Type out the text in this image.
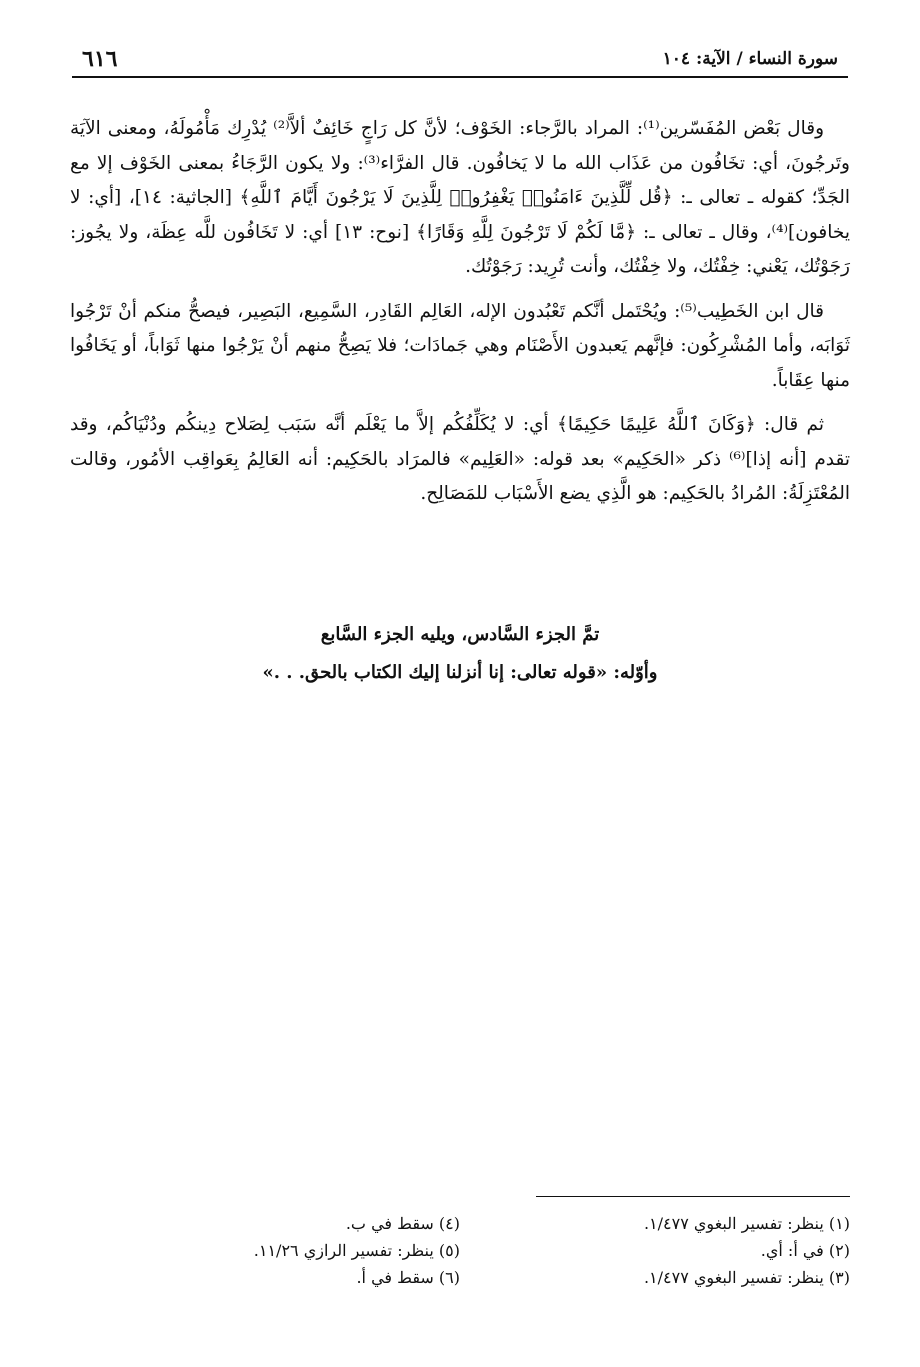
سورة النساء / الآية: ١٠٤
٦١٦

وقال بَعْض المُفَسّرين⁽¹⁾: المراد بالرَّجاء: الخَوْف؛ لأنَّ كل رَاجٍ خَائِفٌ ألاَّ⁽²⁾ يُدْرِك مَأْمُولَهُ، ومعنى الآيَة وتَرجُونَ، أي: تخَافُون من عَذَاب الله ما لا يَخافُون. قال الفرَّاء⁽³⁾: ولا يكون الرَّجَاءُ بمعنى الخَوْف إلا مع الجَدِّ؛ كقوله ـ تعالى ـ: ﴿قُل لِّلَّذِينَ ءَامَنُوا۟ يَغْفِرُوا۟ لِلَّذِينَ لَا يَرْجُونَ أَيَّامَ ٱللَّهِ﴾ [الجاثية: ١٤]، [أي: لا يخافون]⁽⁴⁾، وقال ـ تعالى ـ: ﴿مَّا لَكُمْ لَا تَرْجُونَ لِلَّهِ وَقَارًا﴾ [نوح: ١٣] أي: لا تَخَافُون للَّه عِظَة، ولا يجُوز: رَجَوْتُك، يَعْني: خِفْتُك، ولا خِفْتُك، وأنت تُرِيد: رَجَوْتُك.

قال ابن الخَطِيب⁽⁵⁾: ويُحْتَمل أنَّكم تَعْبُدون الإله، العَالِم القَادِر، السَّمِيع، البَصِير، فيصحُّ منكم أنْ تَرْجُوا ثَوَابَه، وأما المُشْرِكُون: فإنَّهم يَعبدون الأَصْنَام وهي جَمادَات؛ فلا يَصِحُّ منهم أنْ يَرْجُوا منها ثَوَاباً، أو يَخَافُوا منها عِقَاباً.

ثم قال: ﴿وَكَانَ ٱللَّهُ عَلِيمًا حَكِيمًا﴾ أي: لا يُكَلِّفُكُم إلاَّ ما يَعْلَم أنَّه سَبَب لِصَلاح دِينكُم ودُنْيَاكُم، وقد تقدم [أنه إذا]⁽⁶⁾ ذكر «الحَكِيم» بعد قوله: «العَلِيم» فالمرَاد بالحَكِيم: أنه العَالِمُ بِعَواقِب الأمُور، وقالت المُعْتَزِلَةُ: المُرادُ بالحَكِيم: هو الَّذِي يضع الأَسْبَاب للمَصَالِح.

تمَّ الجزء السَّادس، ويليه الجزء السَّابع
وأوّله: «قوله تعالى: إنا أنزلنا إليك الكتاب بالحق. . .»
(١) ينظر: تفسير البغوي ١/٤٧٧.
(٢) في أ: أي.
(٣) ينظر: تفسير البغوي ١/٤٧٧.
(٤) سقط في ب.
(٥) ينظر: تفسير الرازي ١١/٢٦.
(٦) سقط في أ.
